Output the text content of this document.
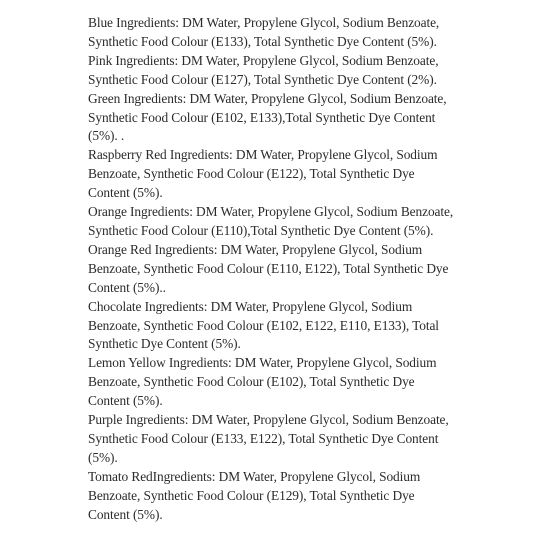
Blue Ingredients: DM Water, Propylene Glycol, Sodium Benzoate,
Synthetic Food Colour (E133), Total Synthetic Dye Content (5%).

Pink Ingredients: DM Water, Propylene Glycol, Sodium Benzoate,
Synthetic Food Colour (E127), Total Synthetic Dye Content (2%).

Green Ingredients: DM Water, Propylene Glycol, Sodium Benzoate,
Synthetic Food Colour (E102, E133),Total Synthetic Dye Content
(5%). .

Raspberry Red Ingredients: DM Water, Propylene Glycol, Sodium
Benzoate, Synthetic Food Colour (E122), Total Synthetic Dye
Content (5%).

Orange Ingredients: DM Water, Propylene Glycol, Sodium Benzoate,
Synthetic Food Colour (E110),Total Synthetic Dye Content (5%).

Orange Red Ingredients: DM Water, Propylene Glycol, Sodium
Benzoate, Synthetic Food Colour (E110, E122), Total Synthetic Dye
Content (5%)..

Chocolate Ingredients: DM Water, Propylene Glycol, Sodium
Benzoate, Synthetic Food Colour (E102, E122, E110, E133), Total
Synthetic Dye Content (5%).

Lemon Yellow Ingredients: DM Water, Propylene Glycol, Sodium
Benzoate, Synthetic Food Colour (E102), Total Synthetic Dye
Content (5%).

Purple Ingredients: DM Water, Propylene Glycol, Sodium Benzoate,
Synthetic Food Colour (E133, E122), Total Synthetic Dye Content
(5%).

Tomato RedIngredients: DM Water, Propylene Glycol, Sodium
Benzoate, Synthetic Food Colour (E129), Total Synthetic Dye
Content (5%).
